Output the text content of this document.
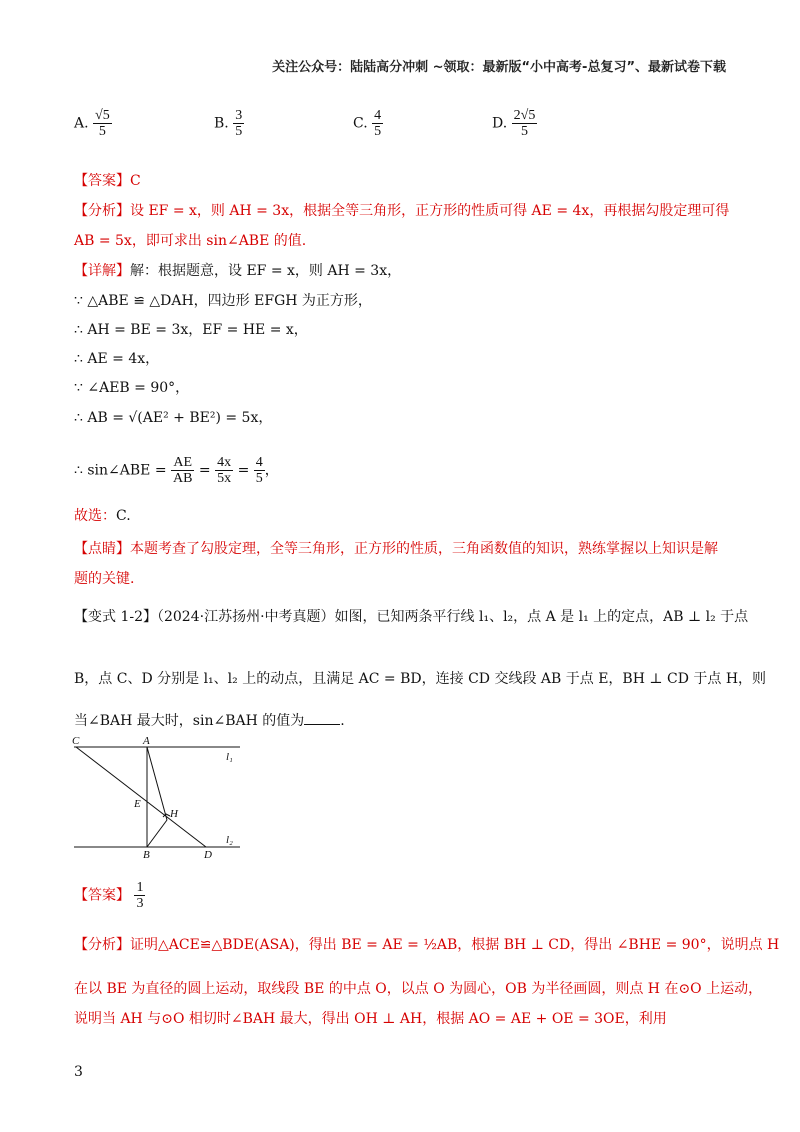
关注公众号：陆陆高分冲刺 ~领取：最新版“小中高考-总复习”、最新试卷下载
A. $\frac{√5}{5}$	B. $\frac{3}{5}$	C. $\frac{4}{5}$	D. $\frac{2√5}{5}$
【答案】C
【分析】设 EF = x，则 AH = 3x，根据全等三角形，正方形的性质可得 AE = 4x，再根据勾股定理可得
AB = 5x，即可求出 sin∠ABE 的值.
【详解】解：根据题意，设 EF = x，则 AH = 3x，
∵ △ABE ≌ △DAH，四边形 EFGH 为正方形，
∴ AH = BE = 3x，EF = HE = x，
∴ AE = 4x，
∵ ∠AEB = 90°，
∴ AB = √(AE² + BE²) = 5x，
∴ sin∠ABE = $\frac{AE}{AB} = \frac{4x}{5x} = \frac{4}{5}$ ，
故选：C.
【点睛】本题考查了勾股定理，全等三角形，正方形的性质，三角函数值的知识，熟练掌握以上知识是解
题的关键.
【变式 1-2】（2024·江苏扬州·中考真题）如图，已知两条平行线 l₁、l₂，点 A 是 l₁ 上的定点，AB ⊥ l₂ 于点
B，点 C、D 分别是 l₁、l₂ 上的动点，且满足 AC = BD，连接 CD 交线段 AB 于点 E，BH ⊥ CD 于点 H，则
当∠BAH 最大时，sin∠BAH 的值为	.
C	A
l₁
E
H
B	D
l₂
【答案】 $\frac{1}{3}$
【分析】证明△ACE≌△BDE(ASA)，得出 BE = AE = ½AB，根据 BH ⊥ CD，得出 ∠BHE = 90°，说明点 H
在以 BE 为直径的圆上运动，取线段 BE 的中点 O，以点 O 为圆心，OB 为半径画圆，则点 H 在⊙O 上运动，
说明当 AH 与⊙O 相切时∠BAH 最大，得出 OH ⊥ AH，根据 AO = AE + OE = 3OE，利用
3
